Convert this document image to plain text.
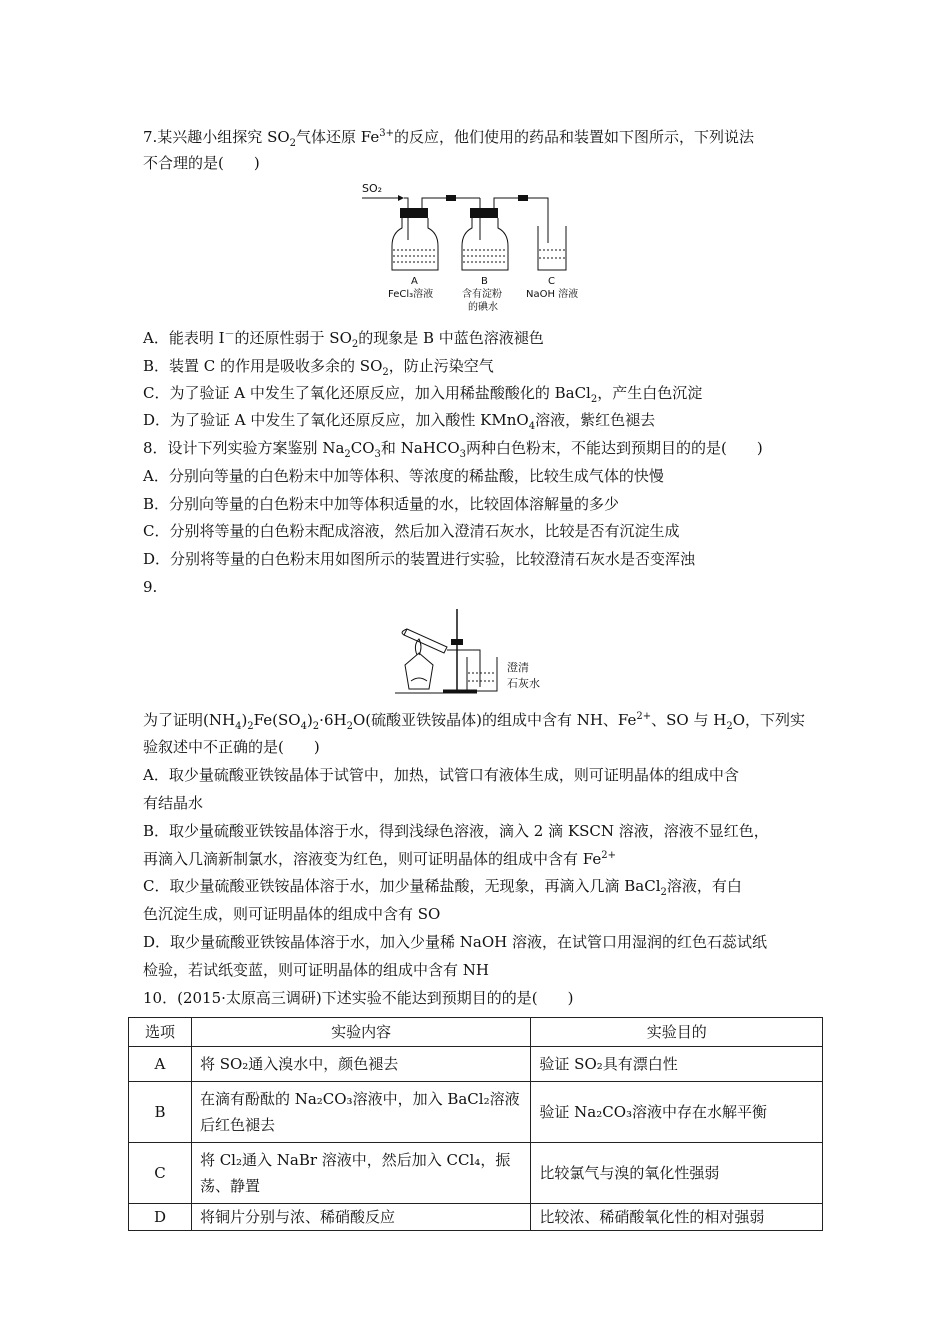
7.某兴趣小组探究 $SO_2$气体还原 $Fe^{3+}$的反应，他们使用的药品和装置如下图所示，下列说法
不合理的是(　　)
SO₂
A
FeCl₃溶液
B
含有淀粉
的碘水
C
NaOH 溶液
A．能表明 I－的还原性弱于 $SO_2$的现象是 B 中蓝色溶液褪色
B．装置 C 的作用是吸收多余的 $SO_2$，防止污染空气
C．为了验证 A 中发生了氧化还原反应，加入用稀盐酸酸化的 BaCl$_2$，产生白色沉淀
D．为了验证 A 中发生了氧化还原反应，加入酸性 KMnO$_4$溶液，紫红色褪去
8．设计下列实验方案鉴别 $Na_2CO_3$和 NaHCO$_3$两种白色粉末，不能达到预期目的的是(　　)
A．分别向等量的白色粉末中加等体积、等浓度的稀盐酸，比较生成气体的快慢
B．分别向等量的白色粉末中加等体积适量的水，比较固体溶解量的多少
C．分别将等量的白色粉末配成溶液，然后加入澄清石灰水，比较是否有沉淀生成
D．分别将等量的白色粉末用如图所示的装置进行实验，比较澄清石灰水是否变浑浊
9.
澄清
石灰水
为了证明$(NH_4)_2Fe(SO_4)_2\cdot 6H_2O$(硫酸亚铁铵晶体)的组成中含有 NH、$Fe^{2+}$、SO 与 $H_2O$，下列实
验叙述中不正确的是(　　)
A．取少量硫酸亚铁铵晶体于试管中，加热，试管口有液体生成，则可证明晶体的组成中含
有结晶水
B．取少量硫酸亚铁铵晶体溶于水，得到浅绿色溶液，滴入 2 滴 KSCN 溶液，溶液不显红色，
再滴入几滴新制氯水，溶液变为红色，则可证明晶体的组成中含有 $Fe^{2+}$
C．取少量硫酸亚铁铵晶体溶于水，加少量稀盐酸，无现象，再滴入几滴 BaCl$_2$溶液，有白
色沉淀生成，则可证明晶体的组成中含有 SO
D．取少量硫酸亚铁铵晶体溶于水，加入少量稀 NaOH 溶液，在试管口用湿润的红色石蕊试纸
检验，若试纸变蓝，则可证明晶体的组成中含有 NH
10．(2015·太原高三调研)下述实验不能达到预期目的的是(　　)
选项	实验内容	实验目的
A	将 SO₂通入溴水中，颜色褪去	验证 SO₂具有漂白性
B	在滴有酚酞的 Na₂CO₃溶液中，加入 BaCl₂溶液后红色褪去	验证 Na₂CO₃溶液中存在水解平衡
C	将 Cl₂通入 NaBr 溶液中，然后加入 CCl₄，振荡、静置	比较氯气与溴的氧化性强弱
D	将铜片分别与浓、稀硝酸反应	比较浓、稀硝酸氧化性的相对强弱
